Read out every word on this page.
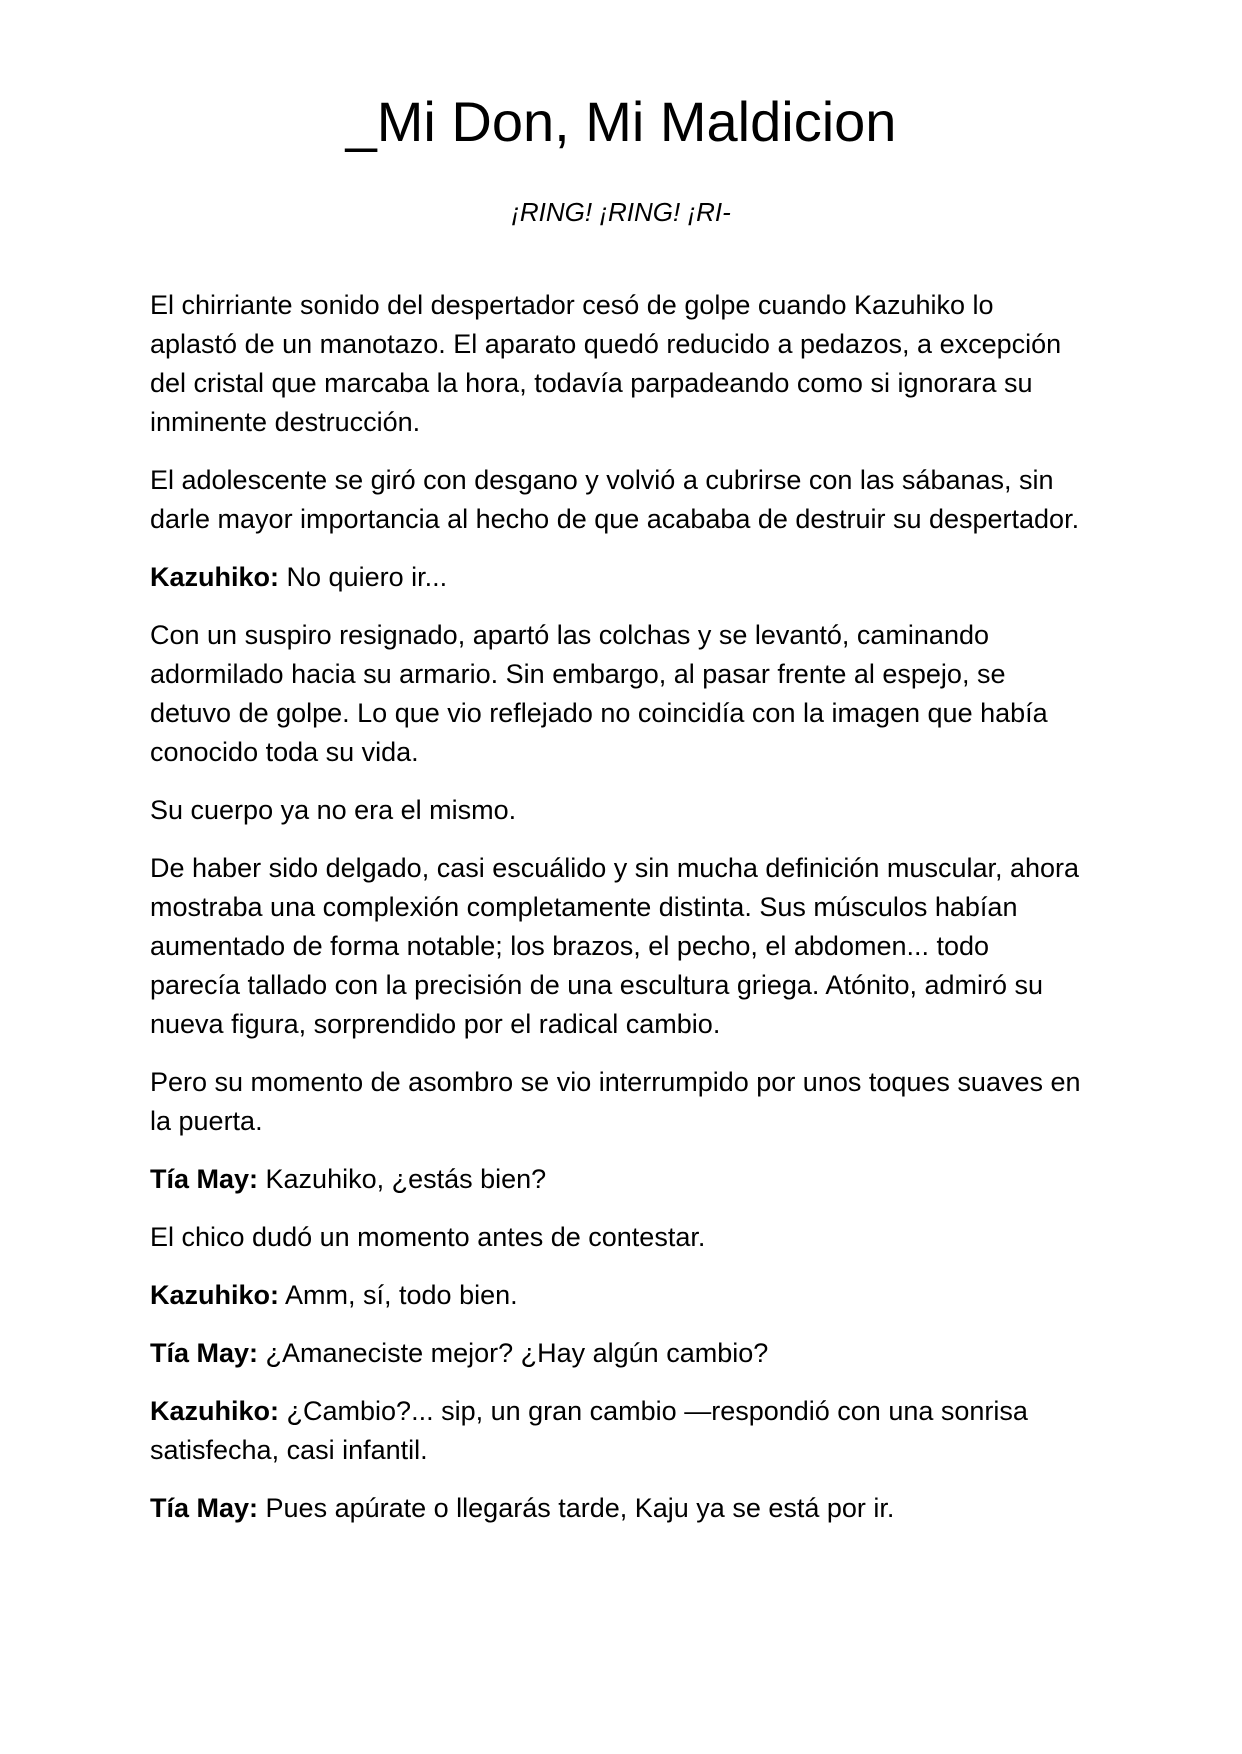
_Mi Don, Mi Maldicion

¡RING! ¡RING! ¡RI-

El chirriante sonido del despertador cesó de golpe cuando Kazuhiko lo aplastó de un manotazo. El aparato quedó reducido a pedazos, a excepción del cristal que marcaba la hora, todavía parpadeando como si ignorara su inminente destrucción.

El adolescente se giró con desgano y volvió a cubrirse con las sábanas, sin darle mayor importancia al hecho de que acababa de destruir su despertador.

Kazuhiko: No quiero ir...

Con un suspiro resignado, apartó las colchas y se levantó, caminando adormilado hacia su armario. Sin embargo, al pasar frente al espejo, se detuvo de golpe. Lo que vio reflejado no coincidía con la imagen que había conocido toda su vida.

Su cuerpo ya no era el mismo.

De haber sido delgado, casi escuálido y sin mucha definición muscular, ahora mostraba una complexión completamente distinta. Sus músculos habían aumentado de forma notable; los brazos, el pecho, el abdomen... todo parecía tallado con la precisión de una escultura griega. Atónito, admiró su nueva figura, sorprendido por el radical cambio.

Pero su momento de asombro se vio interrumpido por unos toques suaves en la puerta.

Tía May: Kazuhiko, ¿estás bien?

El chico dudó un momento antes de contestar.

Kazuhiko: Amm, sí, todo bien.

Tía May: ¿Amaneciste mejor? ¿Hay algún cambio?

Kazuhiko: ¿Cambio?... sip, un gran cambio —respondió con una sonrisa satisfecha, casi infantil.

Tía May: Pues apúrate o llegarás tarde, Kaju ya se está por ir.
